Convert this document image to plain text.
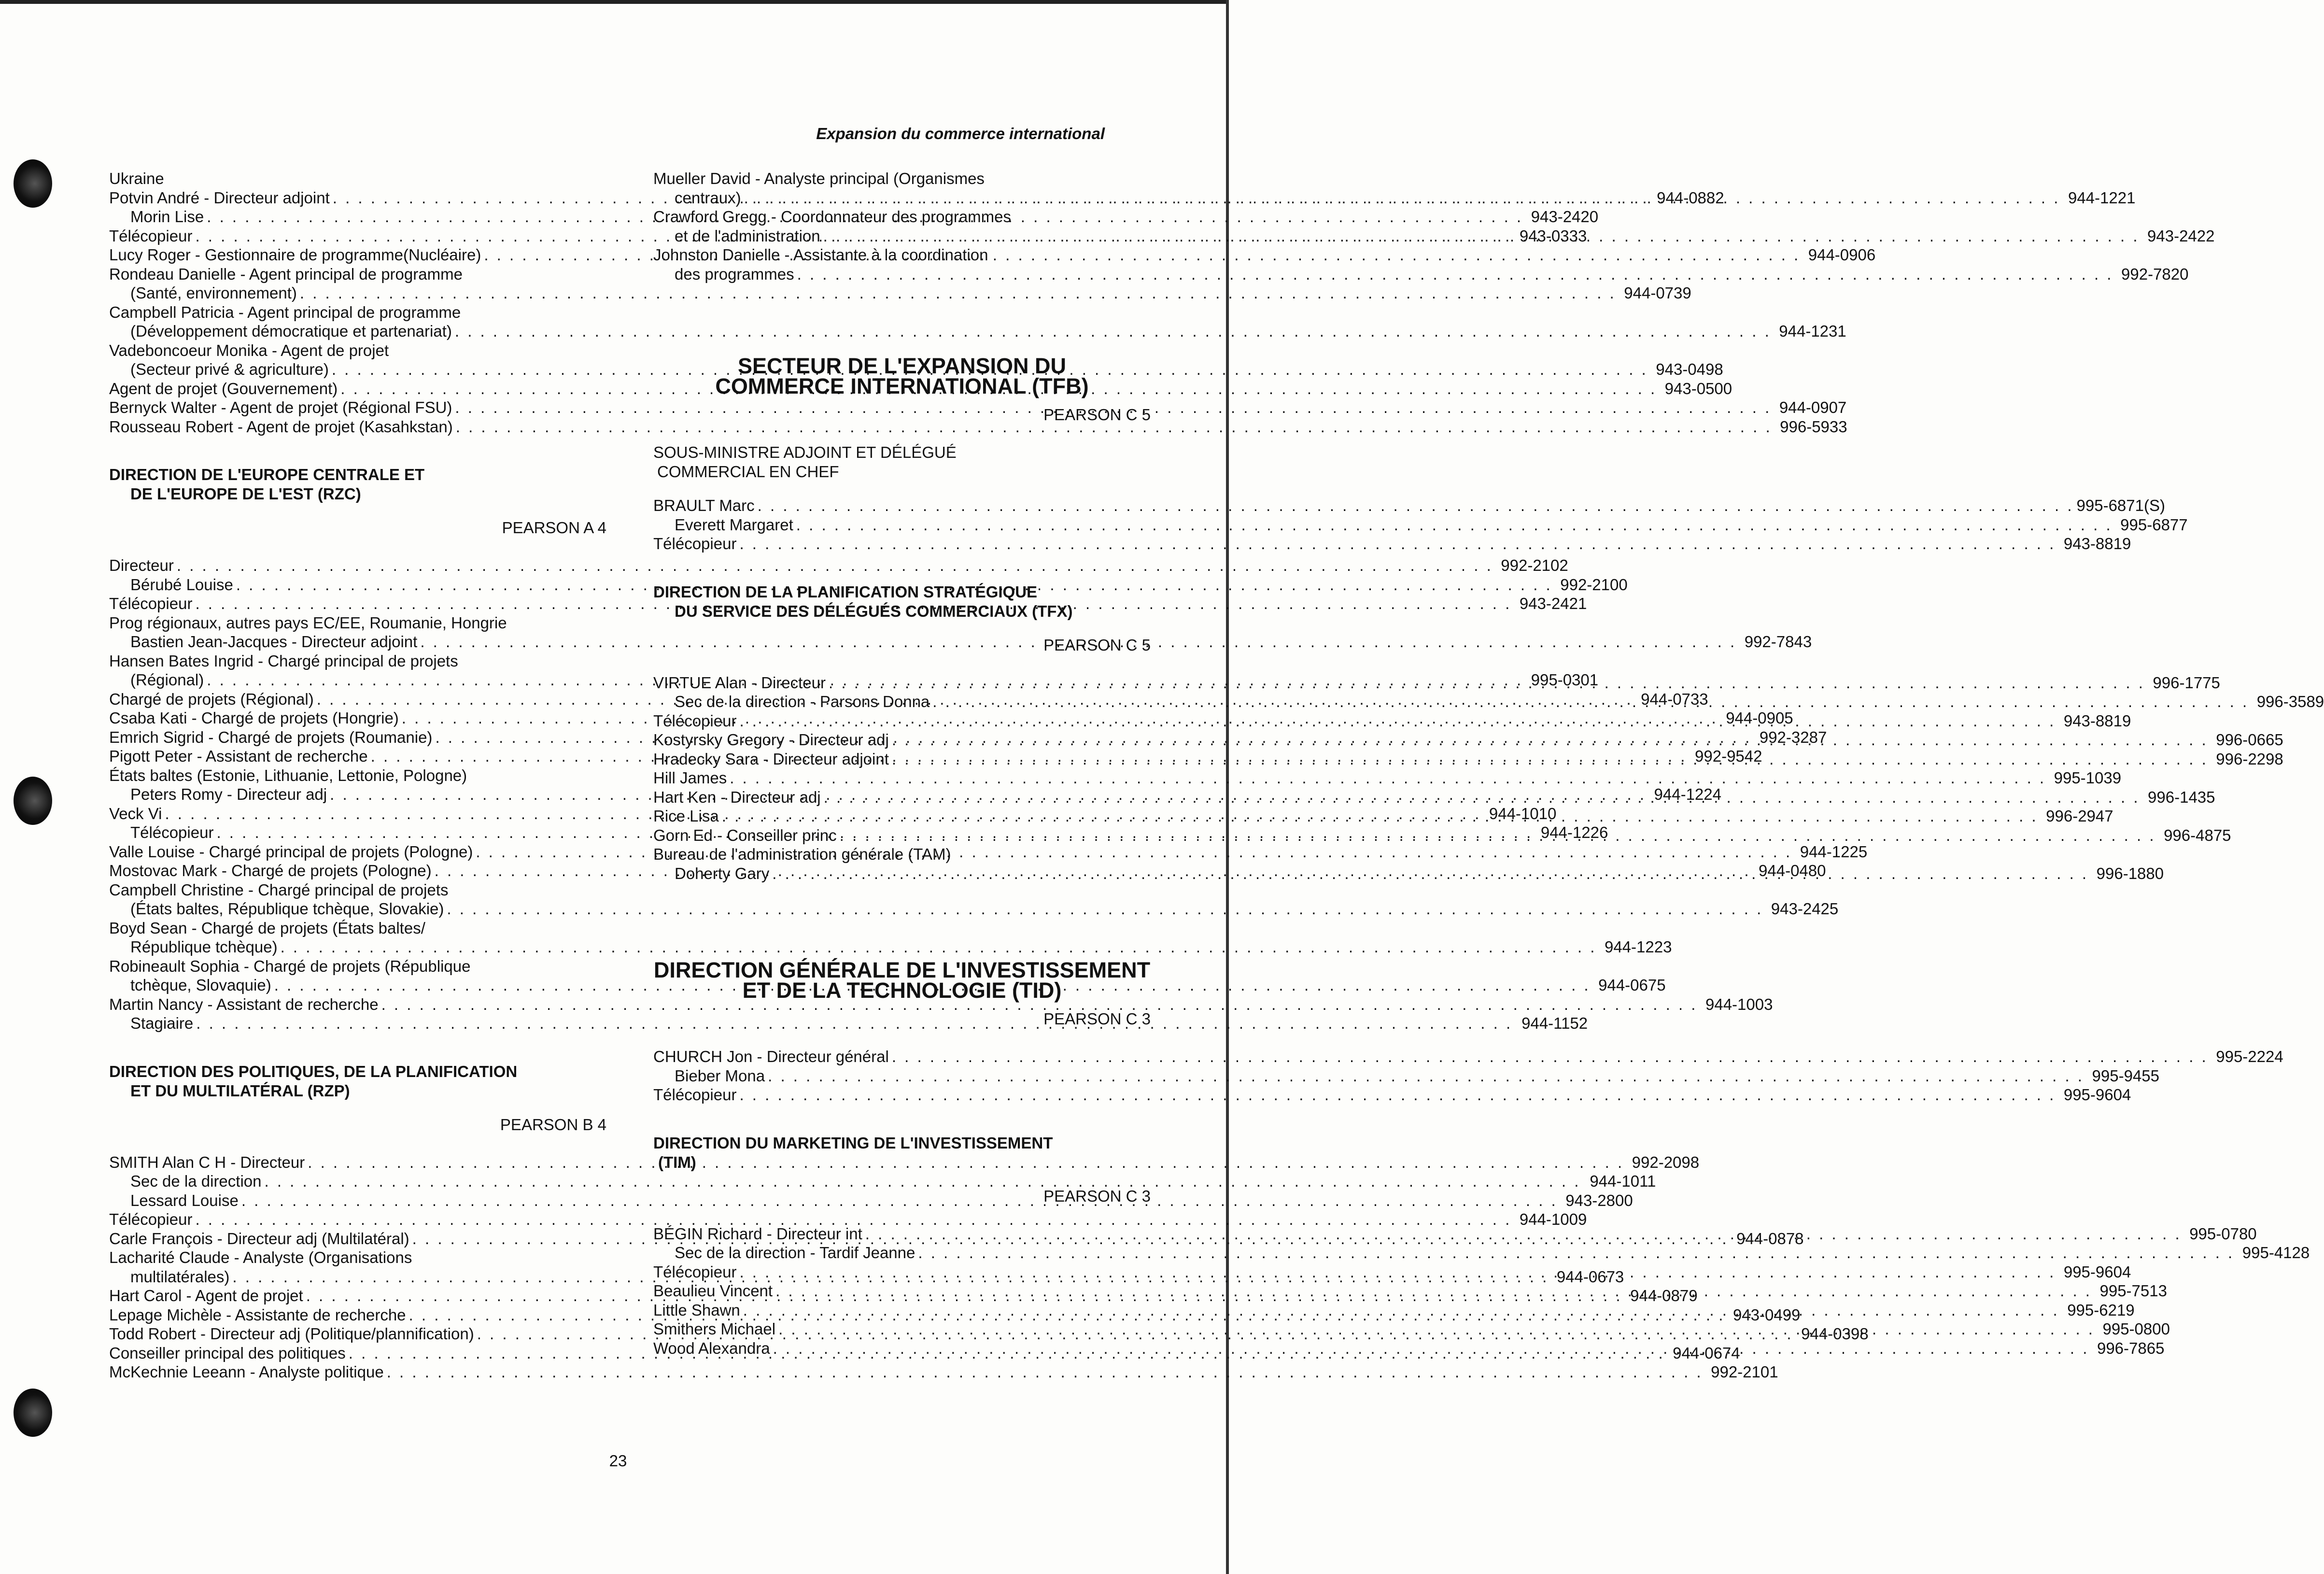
Expansion du commerce international
Ukraine
Potvin André - Directeur adjoint . . .	944-0882
Morin Lise . . .	943-2420
Télécopieur . . .	943-0333
Lucy Roger - Gestionnaire de programme(Nucléaire) . . .	944-0906
Rondeau Danielle - Agent principal de programme
(Santé, environnement) . . .	944-0739
Campbell Patricia - Agent principal de programme
(Développement démocratique et partenariat) . . .	944-1231
Vadeboncoeur Monika - Agent de projet
(Secteur privé & agriculture) . . .	943-0498
Agent de projet (Gouvernement) . . .	943-0500
Bernyck Walter - Agent de projet (Régional FSU) . . .	944-0907
Rousseau Robert - Agent de projet (Kasahkstan) . . .	996-5933
DIRECTION DE L'EUROPE CENTRALE ET
DE L'EUROPE DE L'EST (RZC)
PEARSON A 4
Directeur . . .	992-2102
Bérubé Louise . . .	992-2100
Télécopieur . . .	943-2421
Prog régionaux, autres pays EC/EE, Roumanie, Hongrie
Bastien Jean-Jacques - Directeur adjoint . . .	992-7843
Hansen Bates Ingrid - Chargé principal de projets
(Régional) . . .	995-0301
Chargé de projets (Régional) . . .	944-0733
Csaba Kati - Chargé de projets (Hongrie) . . .	944-0905
Emrich Sigrid - Chargé de projets (Roumanie) . . .	992-3287
Pigott Peter - Assistant de recherche . . .	992-9542
États baltes (Estonie, Lithuanie, Lettonie, Pologne)
Peters Romy - Directeur adj . . .	944-1224
Veck Vi . . .	944-1010
Télécopieur . . .	944-1226
Valle Louise - Chargé principal de projets (Pologne) . . .	944-1225
Mostovac Mark - Chargé de projets (Pologne) . . .	944-0480
Campbell Christine - Chargé principal de projets
(États baltes, République tchèque, Slovakie) . . .	943-2425
Boyd Sean - Chargé de projets (États baltes/
République tchèque) . . .	944-1223
Robineault Sophia - Chargé de projets (République
tchèque, Slovaquie) . . .	944-0675
Martin Nancy - Assistant de recherche . . .	944-1003
Stagiaire . . .	944-1152
DIRECTION DES POLITIQUES, DE LA PLANIFICATION
ET DU MULTILATÉRAL (RZP)
PEARSON B 4
SMITH Alan C H - Directeur . . .	992-2098
Sec de la direction . . .	944-1011
Lessard Louise . . .	943-2800
Télécopieur . . .	944-1009
Carle François - Directeur adj (Multilatéral) . . .	944-0878
Lacharité Claude - Analyste (Organisations
multilatérales) . . .	944-0673
Hart Carol - Agent de projet . . .	944-0879
Lepage Michèle - Assistante de recherche . . .	943-0499
Todd Robert - Directeur adj (Politique/plannification) . . .	944-0398
Conseiller principal des politiques . . .	944-0674
McKechnie Leeann - Analyste politique . . .	992-2101
Mueller David - Analyste principal (Organismes
centraux) . . .	944-1221
Crawford Gregg - Coordonnateur des programmes
et de l'administration . . .	943-2422
Johnston Danielle - Assistante à la coordination
des programmes . . .	992-7820
SECTEUR DE L'EXPANSION DU
COMMERCE INTERNATIONAL (TFB)
PEARSON C 5
SOUS-MINISTRE ADJOINT ET DÉLÉGUÉ
COMMERCIAL EN CHEF
BRAULT Marc . . .	995-6871(S)
Everett Margaret . . .	995-6877
Télécopieur . . .	943-8819
DIRECTION DE LA PLANIFICATION STRATÉGIQUE
DU SERVICE DES DÉLÉGUÉS COMMERCIAUX (TFX)
PEARSON C 5
VIRTUE Alan - Directeur . . .	996-1775
Sec de la direction - Parsons Donna . . .	996-3589
Télécopieur . . .	943-8819
Kostyrsky Gregory - Directeur adj . . .	996-0665
Hradecky Sara - Directeur adjoint . . .	996-2298
Hill James . . .	995-1039
Hart Ken - Directeur adj . . .	996-1435
Rice Lisa . . .	996-2947
Gorn Ed - Conseiller princ . . .	996-4875
Bureau de l'administration générale (TAM)
Doherty Gary . . .	996-1880
DIRECTION GÉNÉRALE DE L'INVESTISSEMENT
ET DE LA TECHNOLOGIE (TID)
PEARSON C 3
CHURCH Jon - Directeur général . . .	995-2224
Bieber Mona . . .	995-9455
Télécopieur . . .	995-9604
DIRECTION DU MARKETING DE L'INVESTISSEMENT
(TIM)
PEARSON C 3
BÉGIN Richard - Directeur int . . .	995-0780
Sec de la direction - Tardif Jeanne . . .	995-4128
Télécopieur . . .	995-9604
Beaulieu Vincent . . .	995-7513
Little Shawn . . .	995-6219
Smithers Michael . . .	995-0800
Wood Alexandra . . .	996-7865
23
